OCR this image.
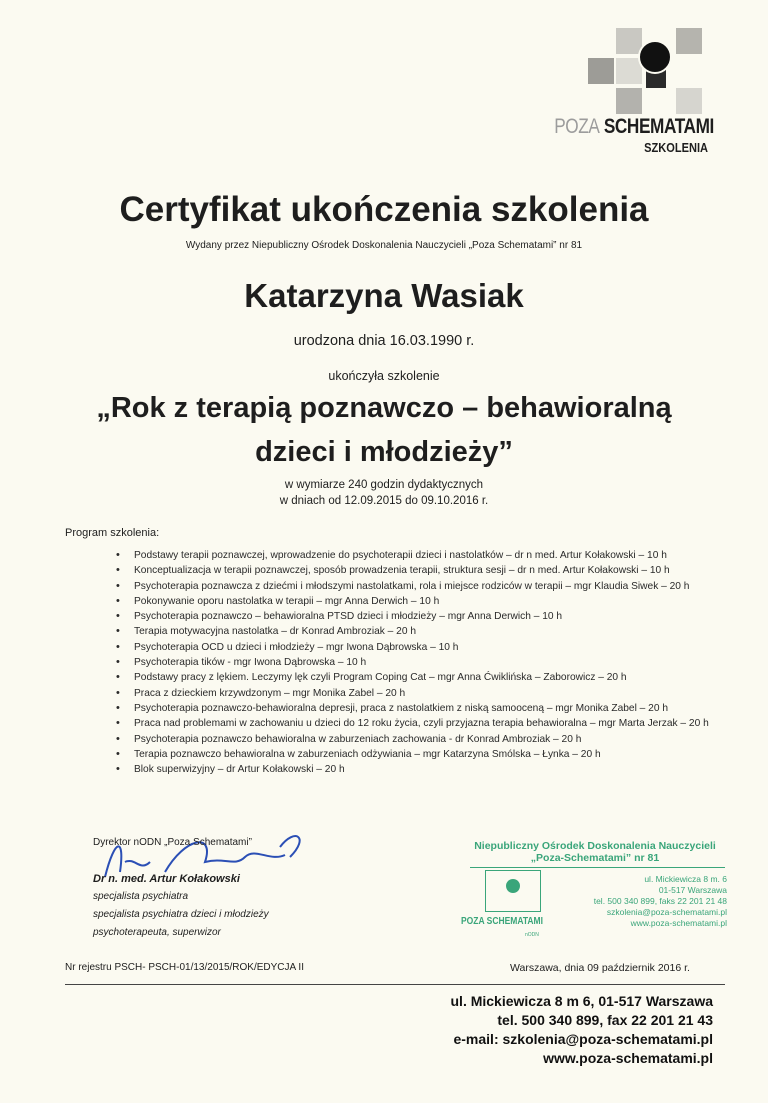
POZA SCHEMATAMI
SZKOLENIA
Certyfikat ukończenia szkolenia
Wydany przez Niepubliczny Ośrodek Doskonalenia Nauczycieli „Poza Schematami” nr 81
Katarzyna Wasiak
urodzona dnia 16.03.1990 r.
ukończyła szkolenie
„Rok z terapią poznawczo – behawioralną
dzieci i młodzieży”
w wymiarze 240 godzin dydaktycznych
w dniach od 12.09.2015 do 09.10.2016 r.
Program szkolenia:
• Podstawy terapii poznawczej, wprowadzenie do psychoterapii dzieci i nastolatków – dr n med. Artur Kołakowski – 10 h
• Konceptualizacja w terapii poznawczej, sposób prowadzenia terapii, struktura sesji – dr n med. Artur Kołakowski – 10 h
• Psychoterapia poznawcza z dziećmi i młodszymi nastolatkami, rola i miejsce rodziców w terapii – mgr Klaudia Siwek – 20 h
• Pokonywanie oporu nastolatka w terapii – mgr Anna Derwich – 10 h
• Psychoterapia poznawczo – behawioralna PTSD dzieci i młodzieży – mgr Anna Derwich – 10 h
• Terapia motywacyjna nastolatka – dr Konrad Ambroziak – 20 h
• Psychoterapia OCD u dzieci i młodzieży – mgr Iwona Dąbrowska – 10 h
• Psychoterapia tików - mgr Iwona Dąbrowska – 10 h
• Podstawy pracy z lękiem. Leczymy lęk czyli Program Coping Cat – mgr Anna Ćwiklińska – Zaborowicz – 20 h
• Praca z dzieckiem krzywdzonym – mgr Monika Zabel – 20 h
• Psychoterapia poznawczo-behawioralna depresji, praca z nastolatkiem z niską samooceną – mgr Monika Zabel – 20 h
• Praca nad problemami w zachowaniu u dzieci do 12 roku życia, czyli przyjazna terapia behawioralna – mgr Marta Jerzak – 20 h
• Psychoterapia poznawczo behawioralna w zaburzeniach zachowania - dr Konrad Ambroziak – 20 h
• Terapia poznawczo behawioralna w zaburzeniach odżywiania – mgr Katarzyna Smólska – Łynka – 20 h
• Blok superwizyjny – dr Artur Kołakowski – 20 h
Dyrektor nODN „Poza Schematami”
Dr n. med. Artur Kołakowski
specjalista psychiatra
specjalista psychiatra dzieci i młodzieży
psychoterapeuta, superwizor
Niepubliczny Ośrodek Doskonalenia Nauczycieli
„Poza-Schematami” nr 81
POZA SCHEMATAMI
nODN
ul. Mickiewicza 8 m. 6
01-517 Warszawa
tel. 500 340 899, faks 22 201 21 48
szkolenia@poza-schematami.pl
www.poza-schematami.pl
Nr rejestru PSCH- PSCH-01/13/2015/ROK/EDYCJA II	Warszawa, dnia 09 październik 2016 r.
ul. Mickiewicza 8 m 6, 01-517 Warszawa
tel. 500 340 899, fax 22 201 21 43
e-mail: szkolenia@poza-schematami.pl
www.poza-schematami.pl
